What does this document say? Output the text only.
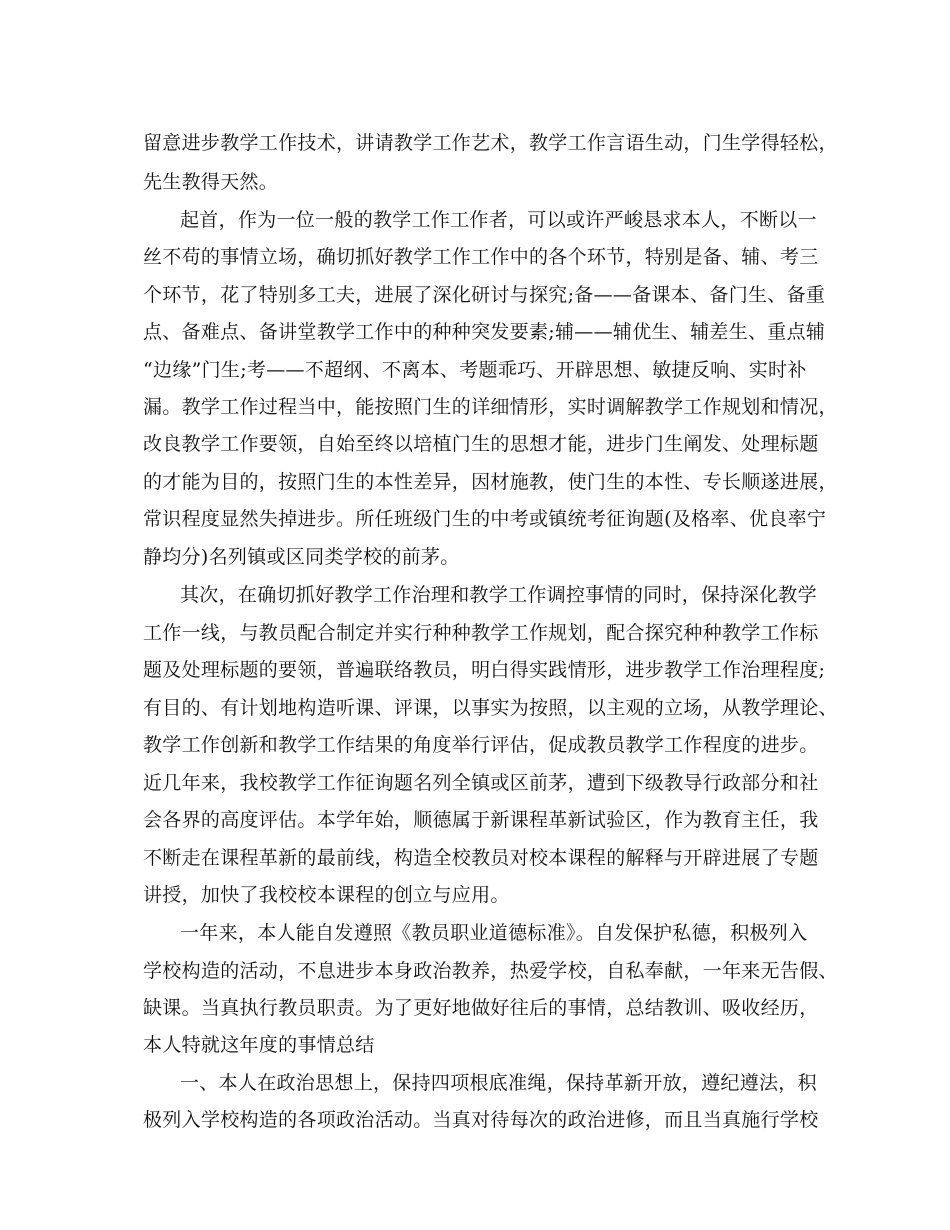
留意进步教学工作技术，讲请教学工作艺术，教学工作言语生动，门生学得轻松，
先生教得天然。
起首，作为一位一般的教学工作工作者，可以或许严峻恳求本人，不断以一
丝不苟的事情立场，确切抓好教学工作工作中的各个环节，特别是备、辅、考三
个环节，花了特别多工夫，进展了深化研讨与探究;备——备课本、备门生、备重
点、备难点、备讲堂教学工作中的种种突发要素;辅——辅优生、辅差生、重点辅
“边缘”门生;考——不超纲、不离本、考题乖巧、开辟思想、敏捷反响、实时补
漏。教学工作过程当中，能按照门生的详细情形，实时调解教学工作规划和情况，
改良教学工作要领，自始至终以培植门生的思想才能，进步门生阐发、处理标题
的才能为目的，按照门生的本性差异，因材施教，使门生的本性、专长顺遂进展，
常识程度显然失掉进步。所任班级门生的中考或镇统考征询题(及格率、优良率宁
静均分)名列镇或区同类学校的前茅。
其次，在确切抓好教学工作治理和教学工作调控事情的同时，保持深化教学
工作一线，与教员配合制定并实行种种教学工作规划，配合探究种种教学工作标
题及处理标题的要领，普遍联络教员，明白得实践情形，进步教学工作治理程度;
有目的、有计划地构造听课、评课，以事实为按照，以主观的立场，从教学理论、
教学工作创新和教学工作结果的角度举行评估，促成教员教学工作程度的进步。
近几年来，我校教学工作征询题名列全镇或区前茅，遭到下级教导行政部分和社
会各界的高度评估。本学年始，顺德属于新课程革新试验区，作为教育主任，我
不断走在课程革新的最前线，构造全校教员对校本课程的解释与开辟进展了专题
讲授，加快了我校校本课程的创立与应用。
一年来，本人能自发遵照《教员职业道德标准》。自发保护私德，积极列入
学校构造的活动，不息进步本身政治教养，热爱学校，自私奉献，一年来无告假、
缺课。当真执行教员职责。为了更好地做好往后的事情，总结教训、吸收经历，
本人特就这年度的事情总结
一、本人在政治思想上，保持四项根底准绳，保持革新开放，遵纪遵法，积
极列入学校构造的各项政治活动。当真对待每次的政治进修，而且当真施行学校
